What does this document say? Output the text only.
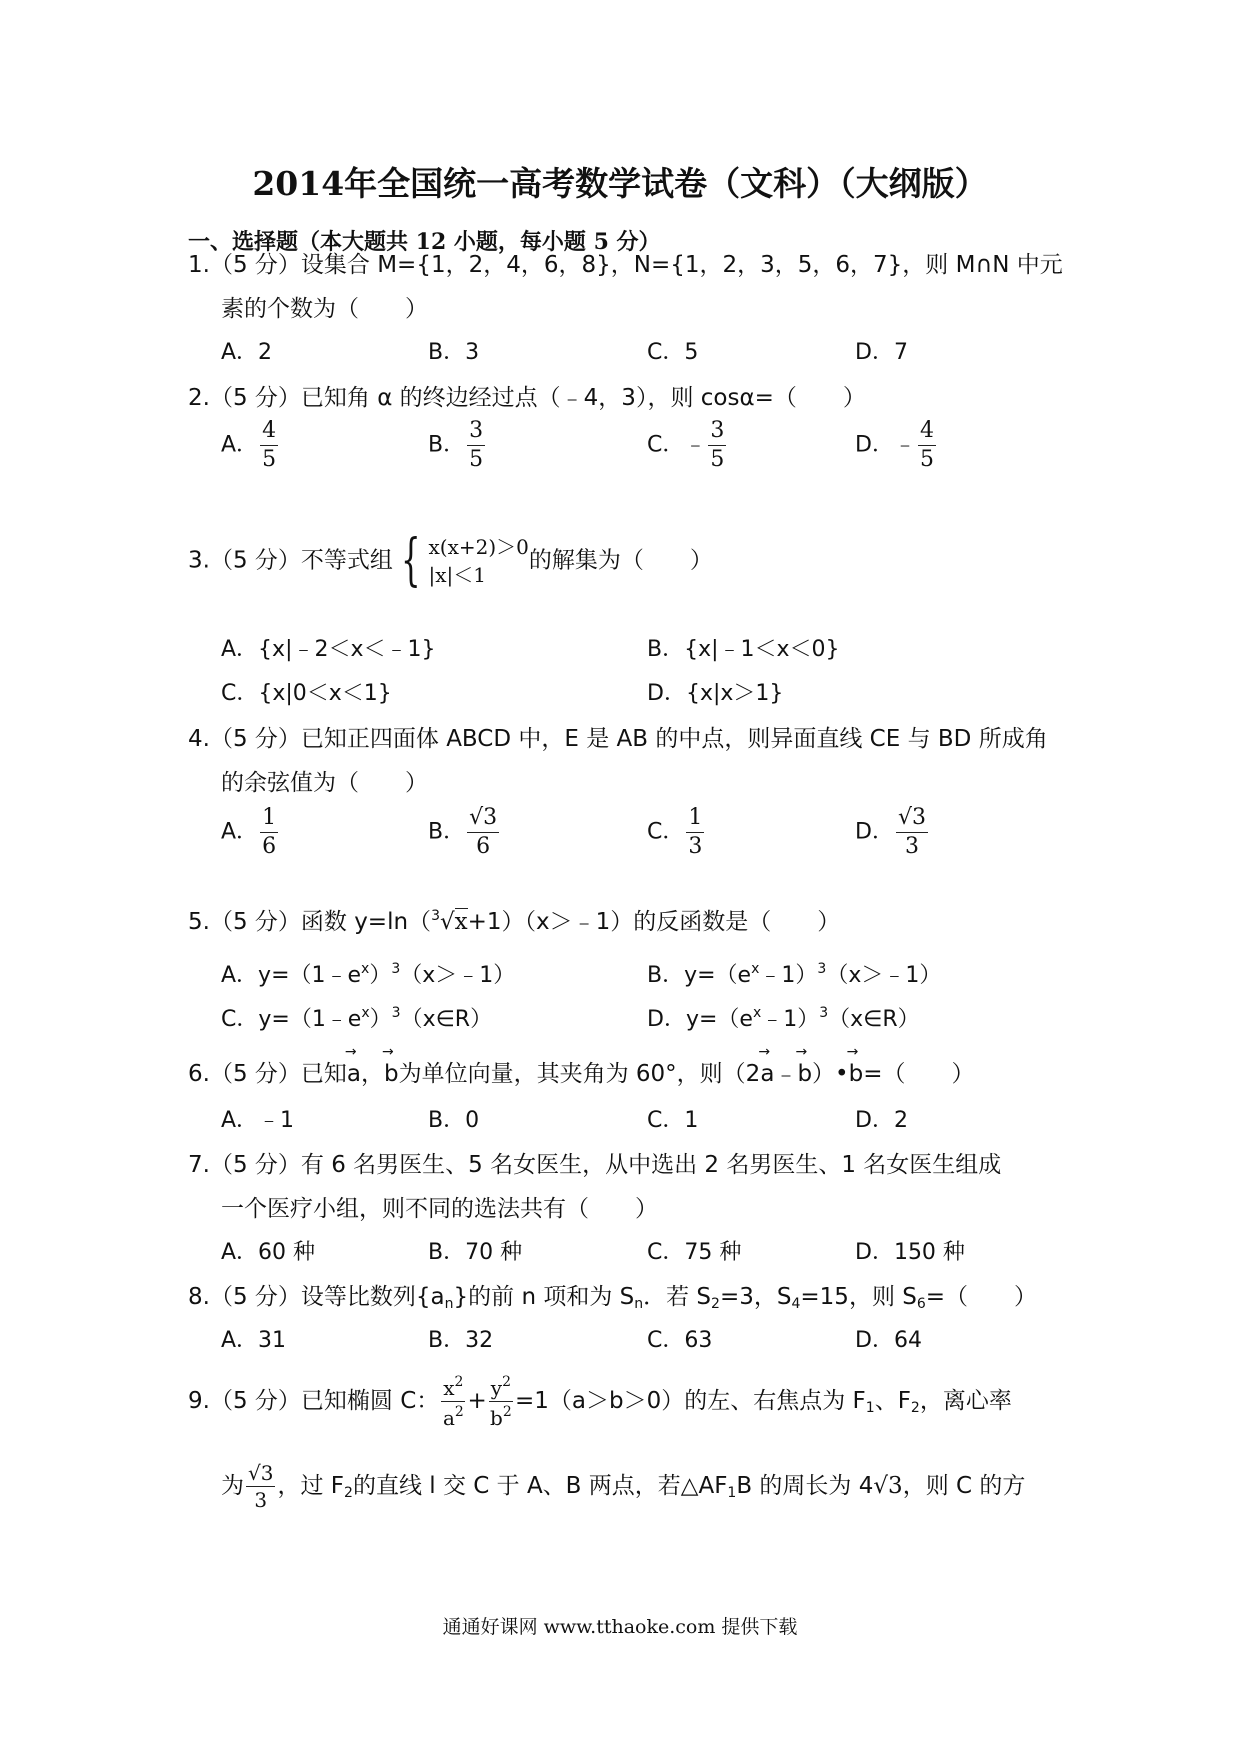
2014年全国统一高考数学试卷（文科）（大纲版）
一、选择题（本大题共 12 小题，每小题 5 分）
1.（5 分）设集合 M={1，2，4，6，8}，N={1，2，3，5，6，7}，则 M∩N 中元
素的个数为（　　）
A．2	B．3	C．5	D．7
2.（5 分）已知角 α 的终边经过点（﹣4，3），则 cosα=（　　）
A． $\frac{4}{5}$	B． $\frac{3}{5}$	C．﹣ $\frac{3}{5}$	D．﹣ $\frac{4}{5}$
3.（5 分）不等式组 { x(x+2)＞0
|x|＜1
的解集为（　　）
A．{x|﹣2＜x＜﹣1}	B．{x|﹣1＜x＜0}
C．{x|0＜x＜1}	D．{x|x＞1}
4.（5 分）已知正四面体 ABCD 中，E 是 AB 的中点，则异面直线 CE 与 BD 所成角
的余弦值为（　　）
A． $\frac{1}{6}$	B． $\frac{√3}{6}$	C． $\frac{1}{3}$	D． $\frac{√3}{3}$
5.（5 分）函数 y=ln（$^3$√x+1）（x＞﹣1）的反函数是（　　）
A．$y=(1﹣e^x)^3(x>﹣1)$	B．$y=(e^x﹣1)^3(x>﹣1)$
C．$y=(1﹣e^x)^3(x\in R)$	D．$y=(e^x﹣1)^3(x\in R)$
6.（5 分）已知→ a，→ b为单位向量，其夹角为 60°，则（2→ a﹣→ b）•→ b=（　　）
A．﹣1	B．0	C．1	D．2
7.（5 分）有 6 名男医生、5 名女医生，从中选出 2 名男医生、1 名女医生组成
一个医疗小组，则不同的选法共有（　　）
A．60 种	B．70 种	C．75 种	D．150 种
8.（5 分）设等比数列$\{a_n\}$的前 n 项和为 $S_n$．若 $S_2=3$，$S_4=15$，则 $S_6=$（　　）
A．31	B．32	C．63	D．64
9.（5 分）已知椭圆 C： $\frac{x^2}{a^2} + \frac{y^2}{b^2} =1(a>b>0)$的左、右焦点为 $F_1$、$F_2$，离心率
为 $\frac{√3}{3}$ ，过 $F_2$的直线 l 交 C 于 A、B 两点，若$\triangle AF_1B$ 的周长为 4√3，则 C 的方
通通好课网 www.tthaoke.com 提供下载
